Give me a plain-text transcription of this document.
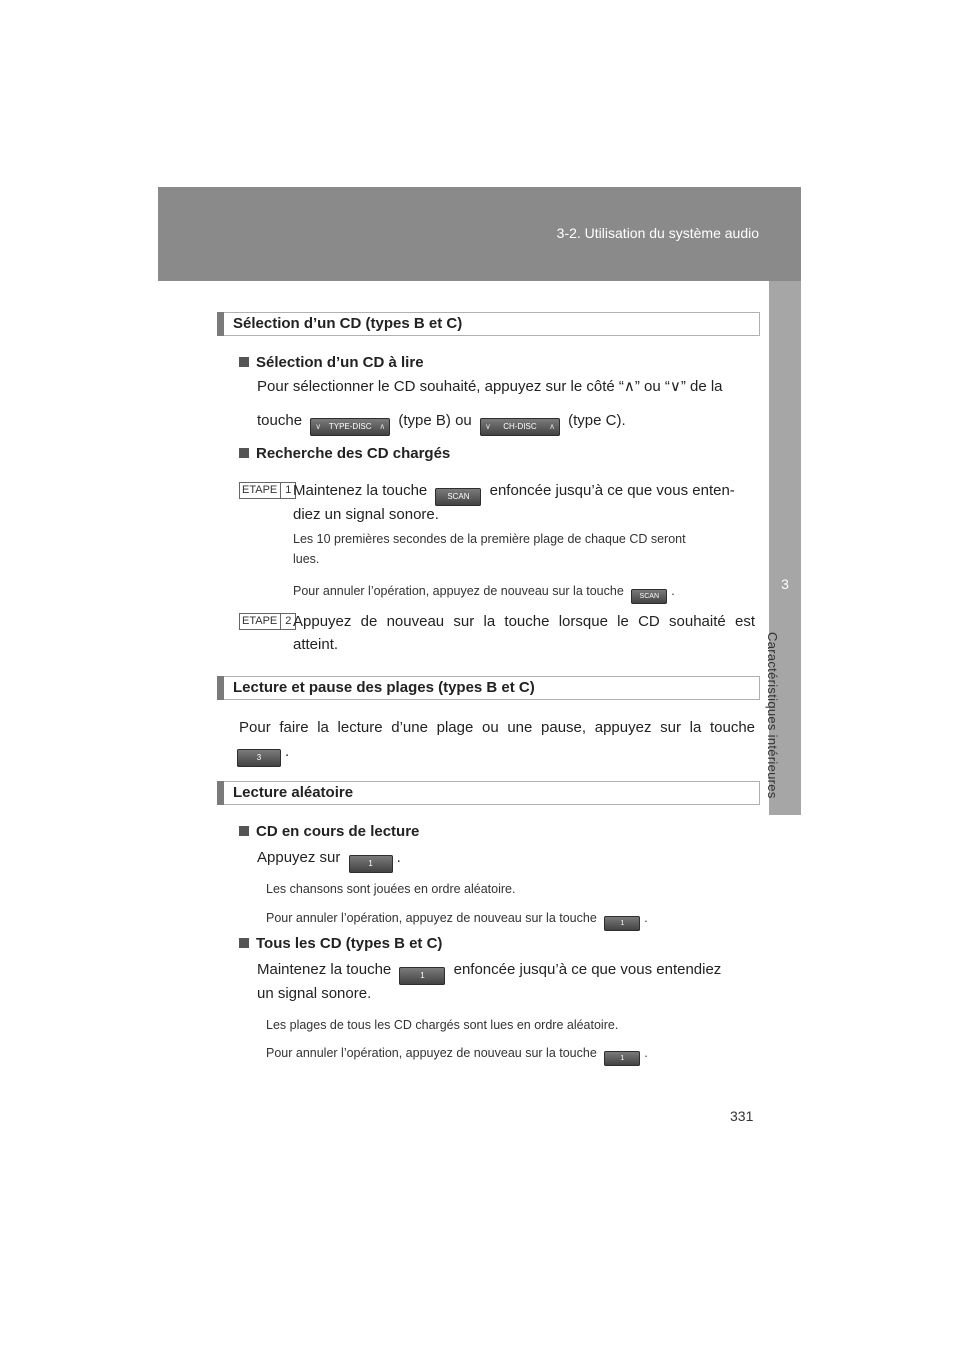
3-2. Utilisation du système audio
3
Caractéristiques intérieures
Sélection d’un CD (types B et C)
Sélection d’un CD à lire
Pour sélectionner le CD souhaité, appuyez sur le côté “∧” ou “∨” de la
touche ∨ TYPE-DISC ∧ (type B) ou ∨ CH-DISC ∧ (type C).
Recherche des CD chargés
ETAPE 1 Maintenez la touche	SCAN enfoncée jusqu’à ce que vous enten-
diez un signal sonore.
Les 10 premières secondes de la première plage de chaque CD seront
lues.
Pour annuler l’opération, appuyez de nouveau sur la touche SCAN .
ETAPE 2 Appuyez de nouveau sur la touche lorsque le CD souhaité est
atteint.
Lecture et pause des plages (types B et C)
Pour faire la lecture d’une plage ou une pause, appuyez sur la touche
3 .
Lecture aléatoire
CD en cours de lecture
Appuyez sur	1 .
Les chansons sont jouées en ordre aléatoire.
Pour annuler l’opération, appuyez de nouveau sur la touche	1 .
Tous les CD (types B et C)
Maintenez la touche	1 enfoncée jusqu’à ce que vous entendiez
un signal sonore.
Les plages de tous les CD chargés sont lues en ordre aléatoire.
Pour annuler l’opération, appuyez de nouveau sur la touche	1 .
331
